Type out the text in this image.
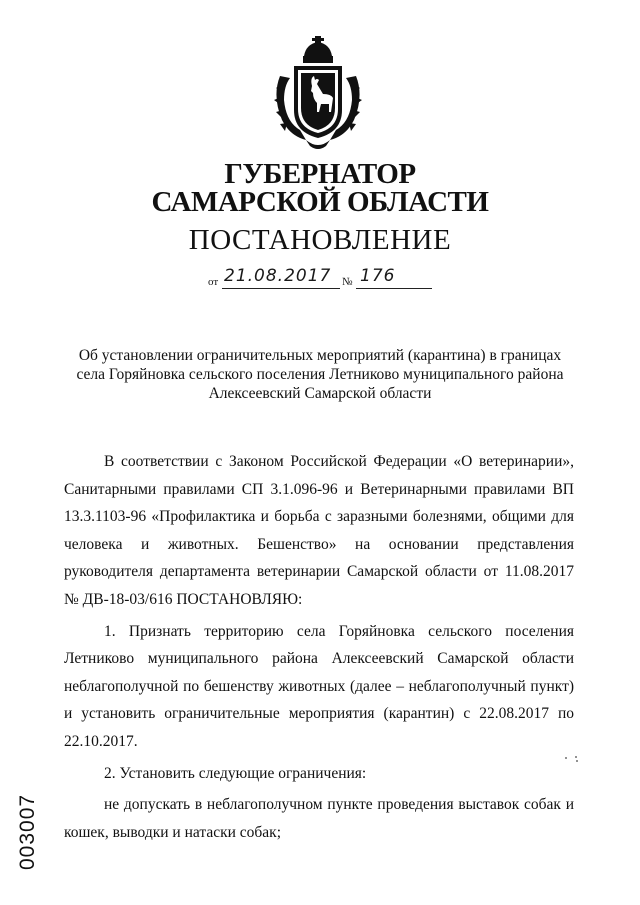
ГУБЕРНАТОР
САМАРСКОЙ ОБЛАСТИ
ПОСТАНОВЛЕНИЕ
от 21.08.2017 № 176
Об установлении ограничительных мероприятий (карантина) в границах
села Горяйновка сельского поселения Летниково муниципального района
Алексеевский Самарской области

В соответствии с Законом Российской Федерации «О ветеринарии», Санитарными правилами СП 3.1.096-96 и Ветеринарными правилами ВП 13.3.1103-96 «Профилактика и борьба с заразными болезнями, общими для человека и животных. Бешенство» на основании представления руководителя департамента ветеринарии Самарской области от 11.08.2017 № ДВ-18-03/616 ПОСТАНОВЛЯЮ:

1. Признать территорию села Горяйновка сельского поселения Летниково муниципального района Алексеевский Самарской области неблагополучной по бешенству животных (далее – неблагополучный пункт) и установить ограничительные мероприятия (карантин) с 22.08.2017 по 22.10.2017.

2. Установить следующие ограничения:

не допускать в неблагополучном пункте проведения выставок собак и кошек, выводки и натаски собак;

003007
